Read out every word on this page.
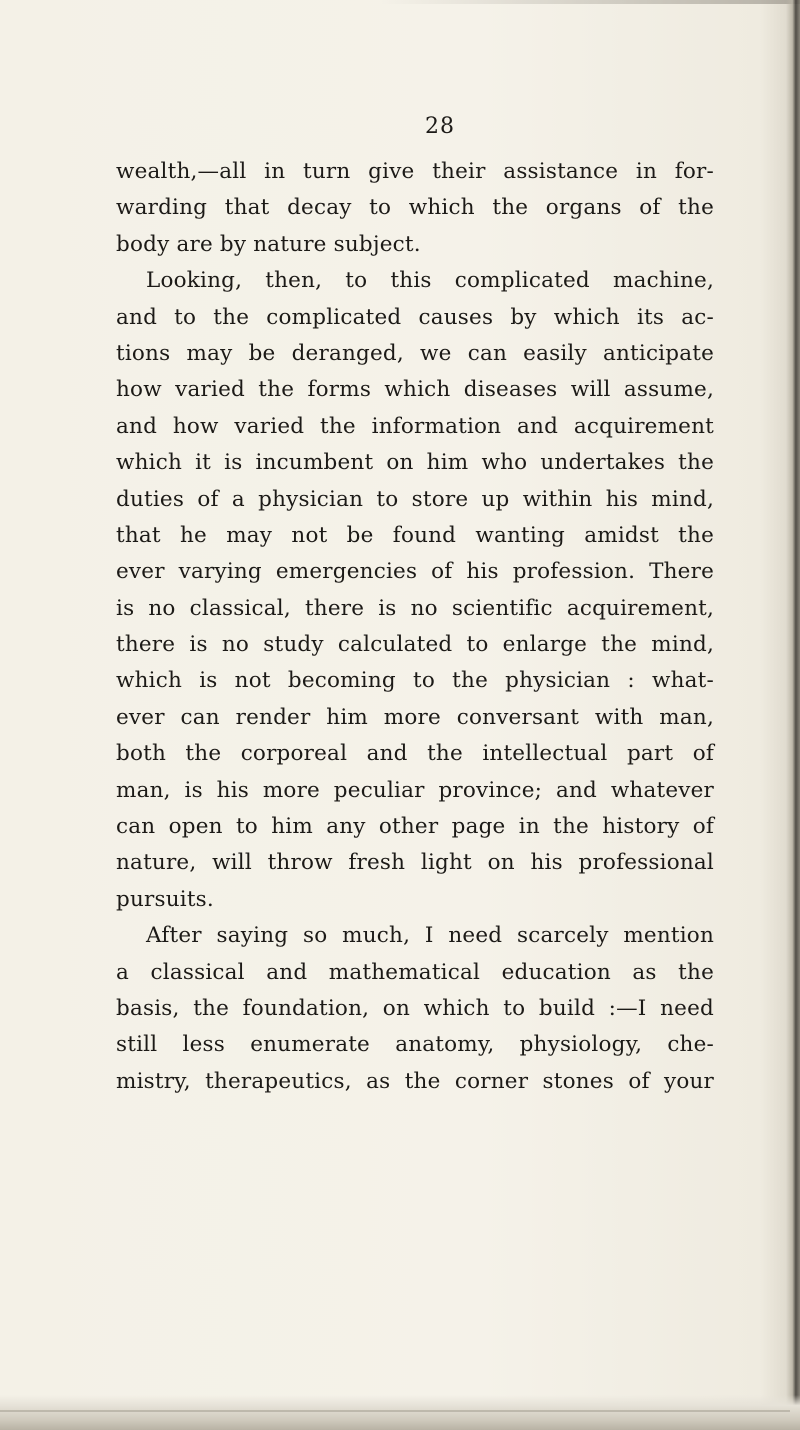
28
wealth,—all in turn give their assistance in for-
warding that decay to which the organs of the
body are by nature subject.
Looking, then, to this complicated machine,
and to the complicated causes by which its ac-
tions may be deranged, we can easily anticipate
how varied the forms which diseases will assume,
and how varied the information and acquirement
which it is incumbent on him who undertakes the
duties of a physician to store up within his mind,
that he may not be found wanting amidst the
ever varying emergencies of his profession. There
is no classical, there is no scientific acquirement,
there is no study calculated to enlarge the mind,
which is not becoming to the physician : what-
ever can render him more conversant with man,
both the corporeal and the intellectual part of
man, is his more peculiar province; and whatever
can open to him any other page in the history of
nature, will throw fresh light on his professional
pursuits.
After saying so much, I need scarcely mention
a classical and mathematical education as the
basis, the foundation, on which to build :—I need
still less enumerate anatomy, physiology, che-
mistry, therapeutics, as the corner stones of your
